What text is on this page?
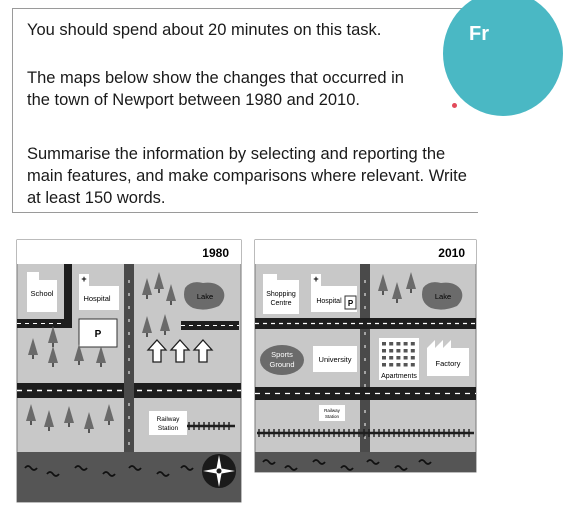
You should spend about 20 minutes on this task.

The maps below show the changes that occurred in the town of Newport between 1980 and 2010.

Summarise the information by selecting and reporting the main features, and make comparisons where relevant. Write at least 150 words.

Fr
E2L
1980
School
+
Hospital
P
Lake
Railway
Station
2010
Shopping
Centre
+
Hospital P
Lake
Sports
Ground
University
Apartments
Factory
Railway
Station
